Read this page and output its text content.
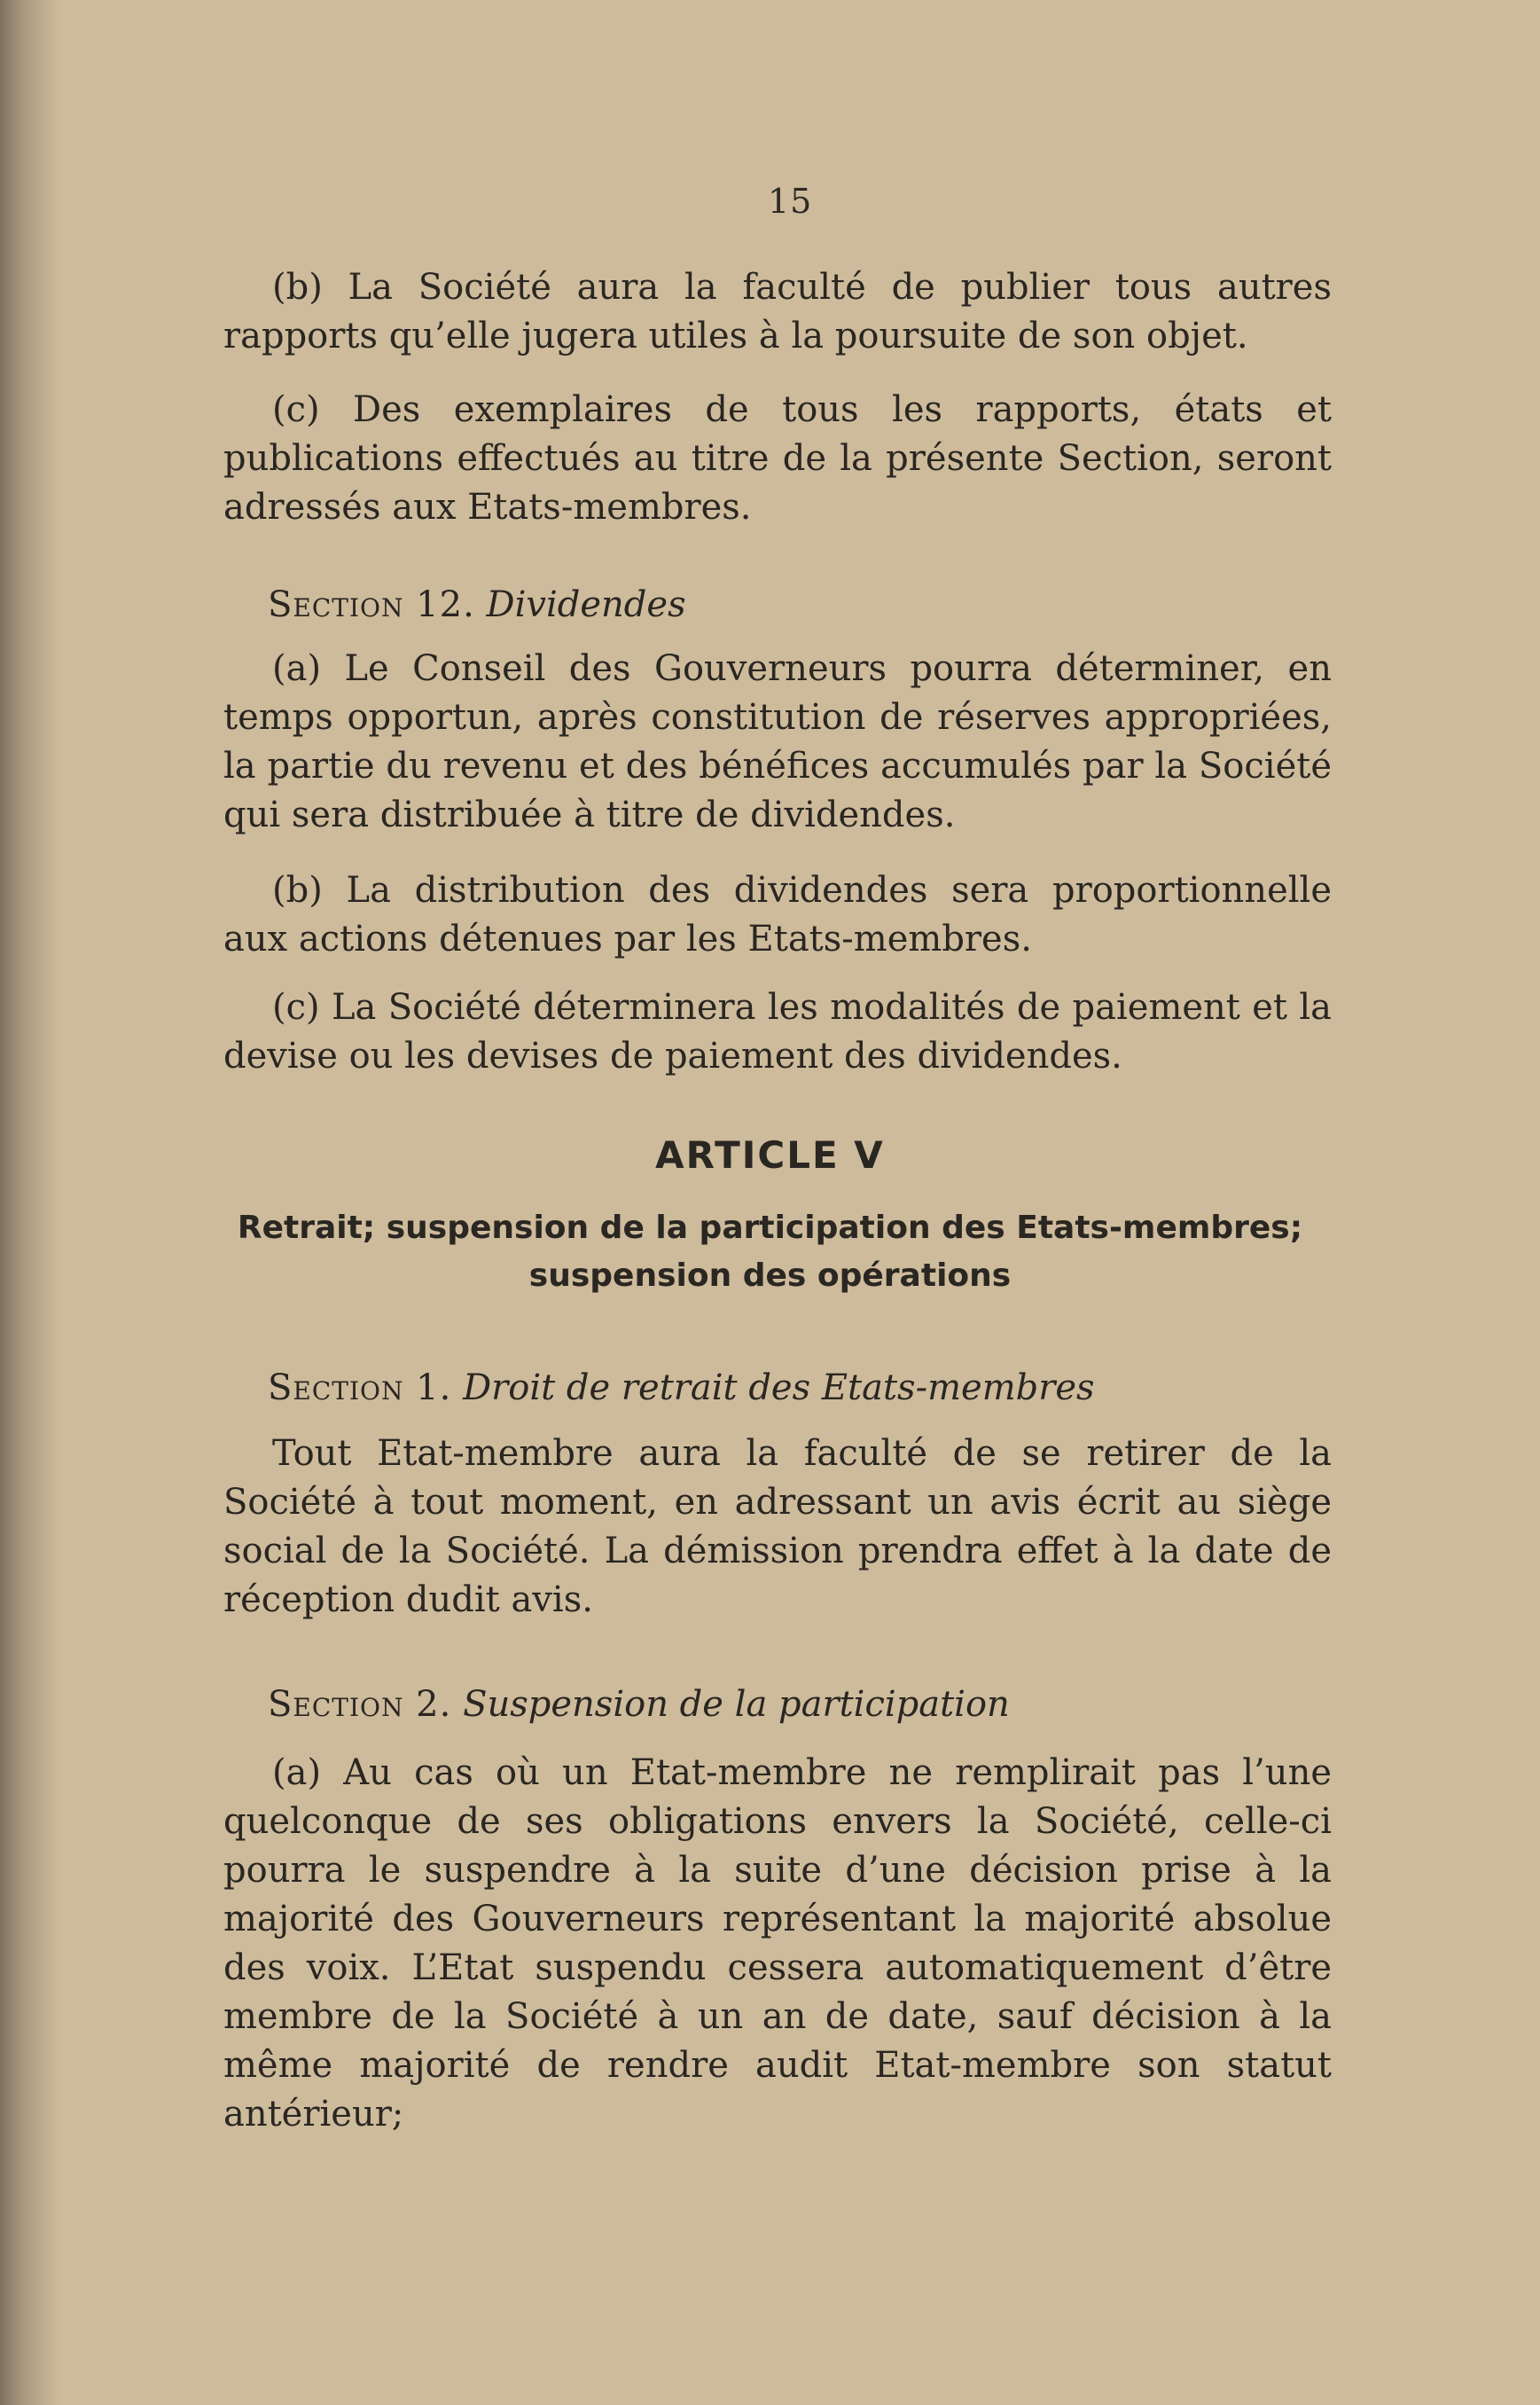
15

(b) La Société aura la faculté de publier tous autres rapports qu’elle jugera utiles à la poursuite de son objet.

(c) Des exemplaires de tous les rapports, états et publications effectués au titre de la présente Section, seront adressés aux Etats-membres.

Section 12. Dividendes

(a) Le Conseil des Gouverneurs pourra déterminer, en temps opportun, après constitution de réserves appropriées, la partie du revenu et des bénéfices accumulés par la Société qui sera distribuée à titre de dividendes.

(b) La distribution des dividendes sera proportionnelle aux actions détenues par les Etats-membres.

(c) La Société déterminera les modalités de paiement et la devise ou les devises de paiement des dividendes.

ARTICLE V
Retrait; suspension de la participation des Etats-membres;
suspension des opérations
Section 1. Droit de retrait des Etats-membres

Tout Etat-membre aura la faculté de se retirer de la Société à tout moment, en adressant un avis écrit au siège social de la Société. La démission prendra effet à la date de réception dudit avis.

Section 2. Suspension de la participation

(a) Au cas où un Etat-membre ne remplirait pas l’une quelconque de ses obligations envers la Société, celle-ci pourra le suspendre à la suite d’une décision prise à la majorité des Gouverneurs représentant la majorité absolue des voix. L’Etat suspendu cessera automatiquement d’être membre de la Société à un an de date, sauf décision à la même majorité de rendre audit Etat-membre son statut antérieur;
